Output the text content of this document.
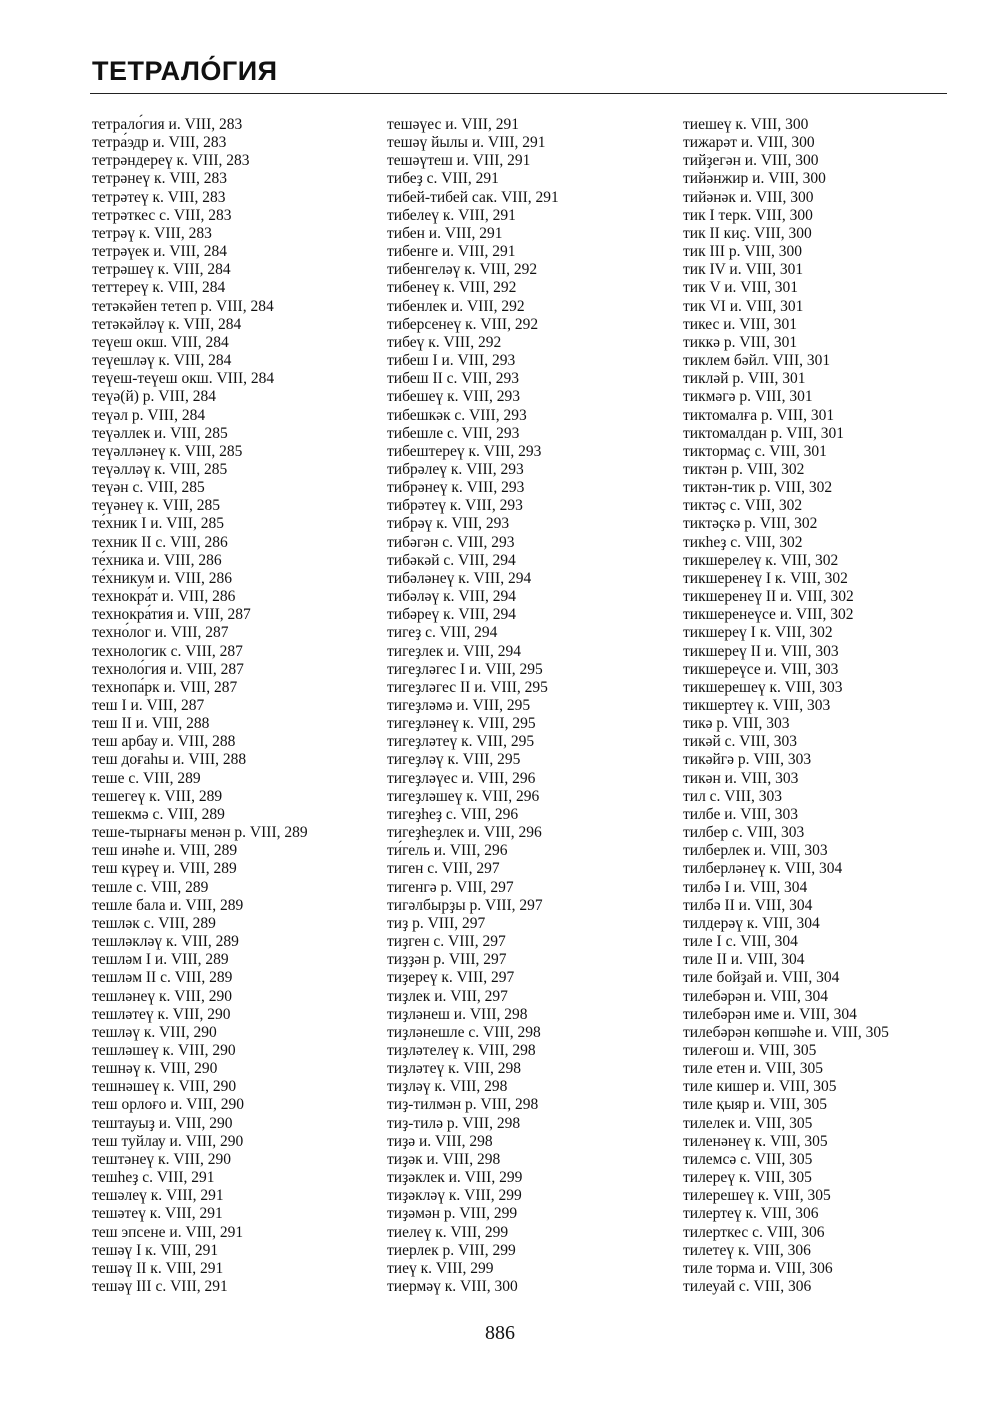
ТЕТРАЛО́ГИЯ
тетрало́гия и. VIII, 283
тетра́эдр и. VIII, 283
тетрәндерeү к. VIII, 283
тетрәнеү к. VIII, 283
тетрәтеү к. VIII, 283
тетрәткес с. VIII, 283
тетрәү к. VIII, 283
тетрәүек и. VIII, 284
тетрәшеү к. VIII, 284
теттереү к. VIII, 284
тетәкәйен тетеп р. VIII, 284
тетәкәйләү к. VIII, 284
теүеш окш. VIII, 284
теүешләү к. VIII, 284
теүеш-теүеш окш. VIII, 284
теүә(й) р. VIII, 284
теүәл р. VIII, 284
теүәллек и. VIII, 285
теүәлләнеү к. VIII, 285
теүәлләү к. VIII, 285
теүән с. VIII, 285
теүәнеү к. VIII, 285
те́хник I и. VIII, 285
техник II с. VIII, 286
те́хника и. VIII, 286
те́хникум и. VIII, 286
технокра́т и. VIII, 286
технокра́тия и. VIII, 287
техно́лог и. VIII, 287
технологик с. VIII, 287
техноло́гия и. VIII, 287
технопа́рк и. VIII, 287
теш I и. VIII, 287
теш II и. VIII, 288
теш арбау и. VIII, 288
теш доғаһы и. VIII, 288
теше с. VIII, 289
тешегеү к. VIII, 289
тешекмә с. VIII, 289
теше-тырнағы менән р. VIII, 289
теш инәһе и. VIII, 289
теш күреү и. VIII, 289
тешле с. VIII, 289
тешле бала и. VIII, 289
тешләк с. VIII, 289
тешләкләү к. VIII, 289
тешләм I и. VIII, 289
тешләм II с. VIII, 289
тешләнеү к. VIII, 290
тешләтеү к. VIII, 290
тешләү к. VIII, 290
тешләшеү к. VIII, 290
тешнәү к. VIII, 290
тешнәшеү к. VIII, 290
теш орлоғо и. VIII, 290
тештауыҙ и. VIII, 290
теш туйлау и. VIII, 290
тештәнеү к. VIII, 290
тешһеҙ с. VIII, 291
тешәлеү к. VIII, 291
тешәтеү к. VIII, 291
теш эпсене и. VIII, 291
тешәү I к. VIII, 291
тешәү II к. VIII, 291
тешәү III с. VIII, 291
тешәүес и. VIII, 291
тешәү йылы и. VIII, 291
тешәүтеш и. VIII, 291
тибеҙ с. VIII, 291
тибей-тибей сак. VIII, 291
тибелеү к. VIII, 291
тибен и. VIII, 291
тибенге и. VIII, 291
тибенгеләү к. VIII, 292
тибенеү к. VIII, 292
тибенлек и. VIII, 292
тиберсенеү к. VIII, 292
тибеү к. VIII, 292
тибеш I и. VIII, 293
тибеш II с. VIII, 293
тибешеү к. VIII, 293
тибешкәк с. VIII, 293
тибешле с. VIII, 293
тибештереү к. VIII, 293
тибрәлеү к. VIII, 293
тибрәнеү к. VIII, 293
тибрәтеү к. VIII, 293
тибрәү к. VIII, 293
тибәгән с. VIII, 293
тибәкәй с. VIII, 294
тибәләнеү к. VIII, 294
тибәләү к. VIII, 294
тибәреү к. VIII, 294
тигеҙ с. VIII, 294
тигеҙлек и. VIII, 294
тигеҙләгес I и. VIII, 295
тигеҙләгес II и. VIII, 295
тигеҙләмә и. VIII, 295
тигеҙләнеү к. VIII, 295
тигеҙләтеү к. VIII, 295
тигеҙләү к. VIII, 295
тигеҙләүес и. VIII, 296
тигеҙләшеү к. VIII, 296
тигеҙһеҙ с. VIII, 296
тигеҙһеҙлек и. VIII, 296
ти́гель и. VIII, 296
тиген с. VIII, 297
тигенгә р. VIII, 297
тигәлбырҙы р. VIII, 297
тиҙ р. VIII, 297
тиҙген с. VIII, 297
тиҙҙән р. VIII, 297
тиҙереү к. VIII, 297
тиҙлек и. VIII, 297
тиҙләнеш и. VIII, 298
тиҙләнешле с. VIII, 298
тиҙләтелеү к. VIII, 298
тиҙләтеү к. VIII, 298
тиҙләү к. VIII, 298
тиҙ-тилмән р. VIII, 298
тиҙ-тилә р. VIII, 298
тиҙә и. VIII, 298
тиҙәк и. VIII, 298
тиҙәклек и. VIII, 299
тиҙәкләү к. VIII, 299
тиҙәмән р. VIII, 299
тиелеү к. VIII, 299
тиерлек р. VIII, 299
тиеү к. VIII, 299
тиермәү к. VIII, 300
тиешеү к. VIII, 300
тижарәт и. VIII, 300
тийҙегән и. VIII, 300
тийәнжир и. VIII, 300
тийәнәк и. VIII, 300
тик I терк. VIII, 300
тик II киҫ. VIII, 300
тик III р. VIII, 300
тик IV и. VIII, 301
тик V и. VIII, 301
тик VI и. VIII, 301
тикес и. VIII, 301
тиккә р. VIII, 301
тиклем бәйл. VIII, 301
тикләй р. VIII, 301
тикмәгә р. VIII, 301
тиктомалға р. VIII, 301
тиктомалдан р. VIII, 301
тиктормаҫ с. VIII, 301
тиктән р. VIII, 302
тиктән-тик р. VIII, 302
тиктәҫ с. VIII, 302
тиктәҫкә р. VIII, 302
тикһеҙ с. VIII, 302
тикшерелеү к. VIII, 302
тикшеренеү I к. VIII, 302
тикшеренеү II и. VIII, 302
тикшеренеүсе и. VIII, 302
тикшереү I к. VIII, 302
тикшереү II и. VIII, 303
тикшереүсе и. VIII, 303
тикшерешеү к. VIII, 303
тикшертеү к. VIII, 303
тикә р. VIII, 303
тикәй с. VIII, 303
тикәйгә р. VIII, 303
тикән и. VIII, 303
тил с. VIII, 303
тилбе и. VIII, 303
тилбер с. VIII, 303
тилберлек и. VIII, 303
тилберләнеү к. VIII, 304
тилбә I и. VIII, 304
тилбә II и. VIII, 304
тилдерәү к. VIII, 304
тиле I с. VIII, 304
тиле II и. VIII, 304
тиле бойҙай и. VIII, 304
тилебәрән и. VIII, 304
тилебәрән име и. VIII, 304
тилебәрән көпшәһе и. VIII, 305
тилеғош и. VIII, 305
тиле етен и. VIII, 305
тиле кишер и. VIII, 305
тиле қыяр и. VIII, 305
тилелек и. VIII, 305
тиленәнеү к. VIII, 305
тилемсә с. VIII, 305
тилереү к. VIII, 305
тилерешеү к. VIII, 305
тилертеү к. VIII, 306
тилерткес с. VIII, 306
тилетеү к. VIII, 306
тиле торма и. VIII, 306
тилеуай с. VIII, 306
886
